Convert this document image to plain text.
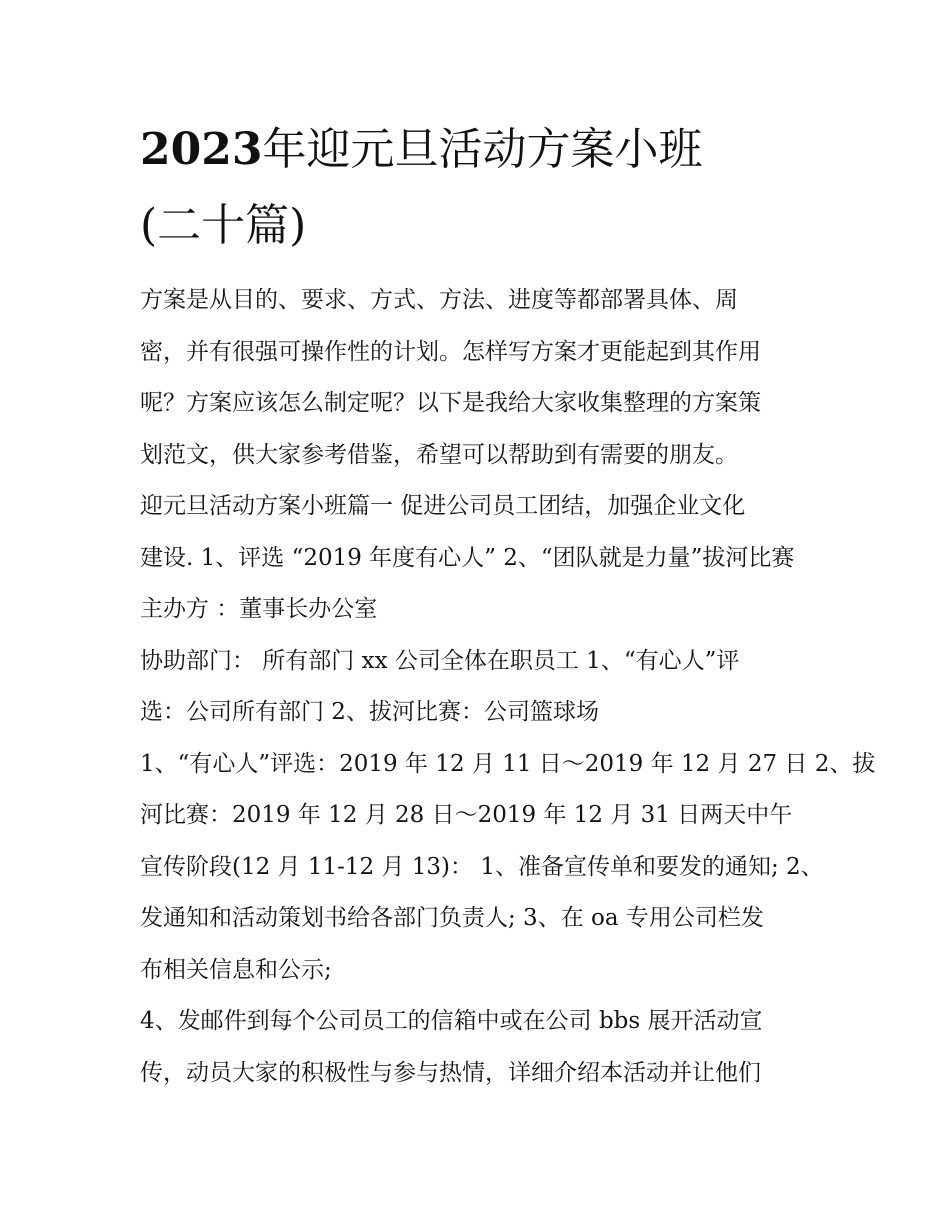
2023年迎元旦活动方案小班
(二十篇)
方案是从目的、要求、方式、方法、进度等都部署具体、周
密，并有很强可操作性的计划。怎样写方案才更能起到其作用
呢？方案应该怎么制定呢？以下是我给大家收集整理的方案策
划范文，供大家参考借鉴，希望可以帮助到有需要的朋友。
迎元旦活动方案小班篇一 促进公司员工团结，加强企业文化
建设. 1、评选 “2019 年度有心人” 2、“团队就是力量”拔河比赛
主办方 ：董事长办公室
协助部门： 所有部门 xx 公司全体在职员工 1、“有心人”评
选：公司所有部门 2、拔河比赛：公司篮球场
1、“有心人”评选：2019 年 12 月 11 日～2019 年 12 月 27 日 2、拔
河比赛：2019 年 12 月 28 日～2019 年 12 月 31 日两天中午
宣传阶段(12 月 11-12 月 13)： 1、准备宣传单和要发的通知; 2、
发通知和活动策划书给各部门负责人; 3、在 oa 专用公司栏发
布相关信息和公示;
4、发邮件到每个公司员工的信箱中或在公司 bbs 展开活动宣
传，动员大家的积极性与参与热情，详细介绍本活动并让他们
